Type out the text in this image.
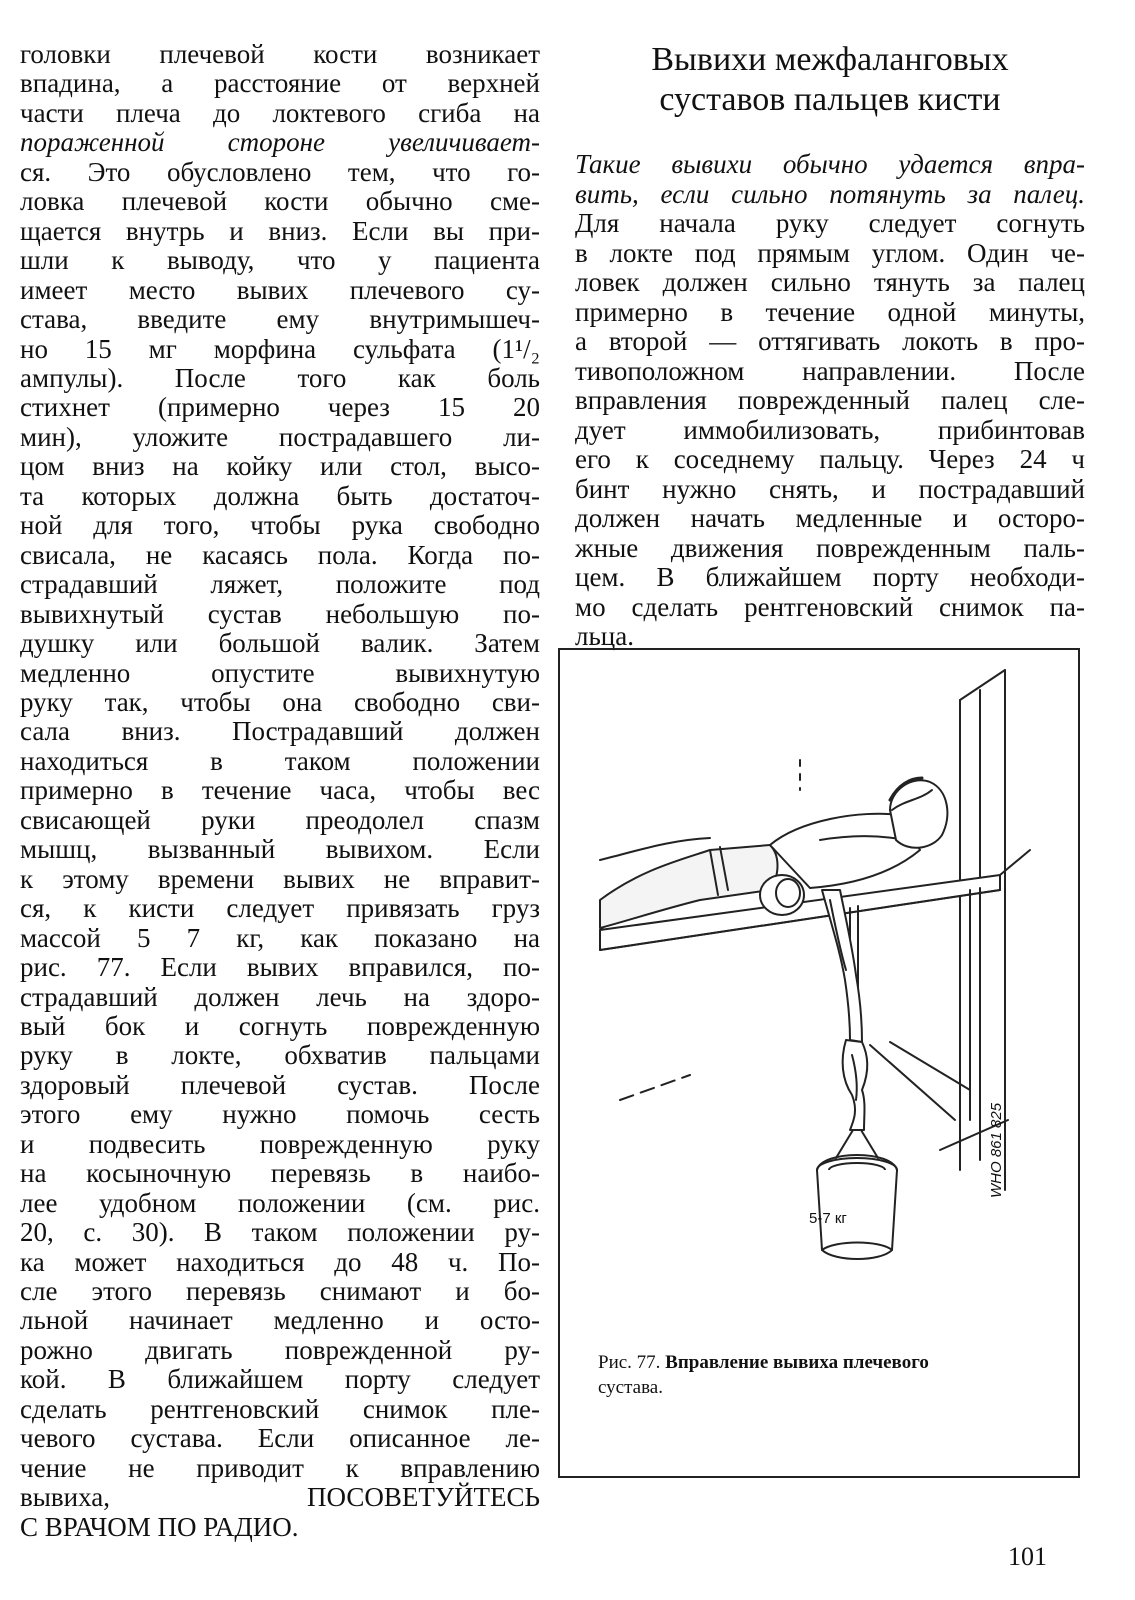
головки плечевой кости возникает
впадина, а расстояние от верхней
части плеча до локтевого сгиба на
пораженной стороне увеличивает-
ся. Это обусловлено тем, что го-
ловка плечевой кости обычно сме-
щается внутрь и вниз. Если вы при-
шли к выводу, что у пациента
имеет место вывих плечевого су-
става, введите ему внутримышеч-
но 15 мг морфина сульфата (1¹/₂
ампулы). После того как боль
стихнет (примерно через 15 20
мин), уложите пострадавшего ли-
цом вниз на койку или стол, высо-
та которых должна быть достаточ-
ной для того, чтобы рука свободно
свисала, не касаясь пола. Когда по-
страдавший ляжет, положите под
вывихнутый сустав небольшую по-
душку или большой валик. Затем
медленно опустите вывихнутую
руку так, чтобы она свободно сви-
сала вниз. Пострадавший должен
находиться в таком положении
примерно в течение часа, чтобы вес
свисающей руки преодолел спазм
мышц, вызванный вывихом. Если
к этому времени вывих не вправит-
ся, к кисти следует привязать груз
массой 5 7 кг, как показано на
рис. 77. Если вывих вправился, по-
страдавший должен лечь на здоро-
вый бок и согнуть поврежденную
руку в локте, обхватив пальцами
здоровый плечевой сустав. После
этого ему нужно помочь сесть
и подвесить поврежденную руку
на косыночную перевязь в наибо-
лее удобном положении (см. рис.
20, с. 30). В таком положении ру-
ка может находиться до 48 ч. По-
сле этого перевязь снимают и бо-
льной начинает медленно и осто-
рожно двигать поврежденной ру-
кой. В ближайшем порту следует
сделать рентгеновский снимок пле-
чевого сустава. Если описанное ле-
чение не приводит к вправлению
вывиха, ПОСОВЕТУЙТЕСЬ
С ВРАЧОМ ПО РАДИО.
Вывихи межфаланговых
суставов пальцев кисти
Такие вывихи обычно удается впра-
вить, если сильно потянуть за палец.
Для начала руку следует согнуть
в локте под прямым углом. Один че-
ловек должен сильно тянуть за палец
примерно в течение одной минуты,
а второй — оттягивать локоть в про-
тивоположном направлении. После
вправления поврежденный палец сле-
дует иммобилизовать, прибинтовав
его к соседнему пальцу. Через 24 ч
бинт нужно снять, и пострадавший
должен начать медленные и осторо-
жные движения поврежденным паль-
цем. В ближайшем порту необходи-
мо сделать рентгеновский снимок па-
льца.
5-7 кг
Рис. 77. Вправление вывиха плечевого
сустава.
WHO 861 825
101
